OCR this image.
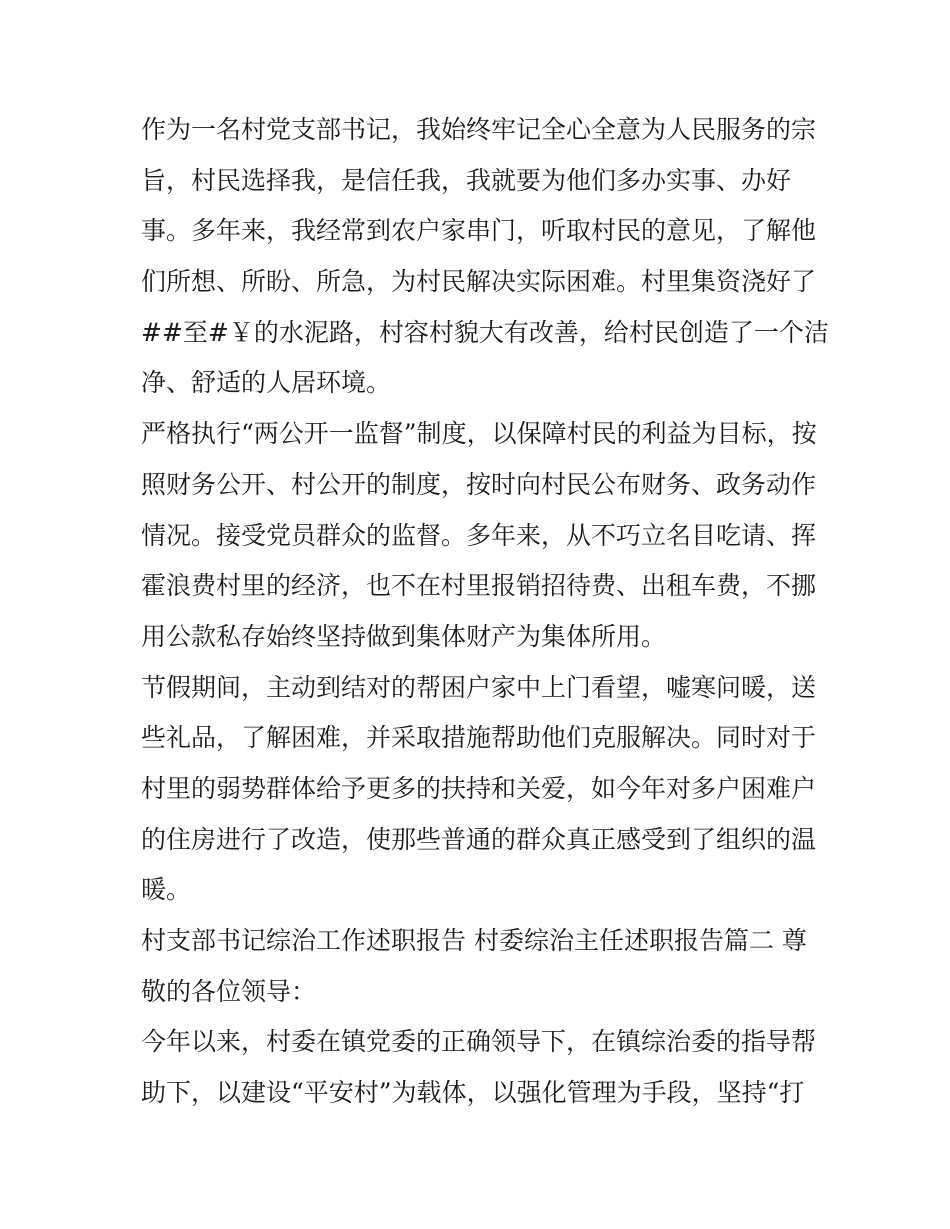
作为一名村党支部书记，我始终牢记全心全意为人民服务的宗
旨，村民选择我，是信任我，我就要为他们多办实事、办好
事。多年来，我经常到农户家串门，听取村民的意见，了解他
们所想、所盼、所急，为村民解决实际困难。村里集资浇好了
##至#￥的水泥路，村容村貌大有改善，给村民创造了一个洁
净、舒适的人居环境。
严格执行“两公开一监督”制度，以保障村民的利益为目标，按
照财务公开、村公开的制度，按时向村民公布财务、政务动作
情况。接受党员群众的监督。多年来，从不巧立名目吃请、挥
霍浪费村里的经济，也不在村里报销招待费、出租车费，不挪
用公款私存始终坚持做到集体财产为集体所用。
节假期间，主动到结对的帮困户家中上门看望，嘘寒问暖，送
些礼品，了解困难，并采取措施帮助他们克服解决。同时对于
村里的弱势群体给予更多的扶持和关爱，如今年对多户困难户
的住房进行了改造，使那些普通的群众真正感受到了组织的温
暖。
村支部书记综治工作述职报告 村委综治主任述职报告篇二 尊
敬的各位领导：
今年以来，村委在镇党委的正确领导下，在镇综治委的指导帮
助下，以建设“平安村”为载体，以强化管理为手段，坚持“打
